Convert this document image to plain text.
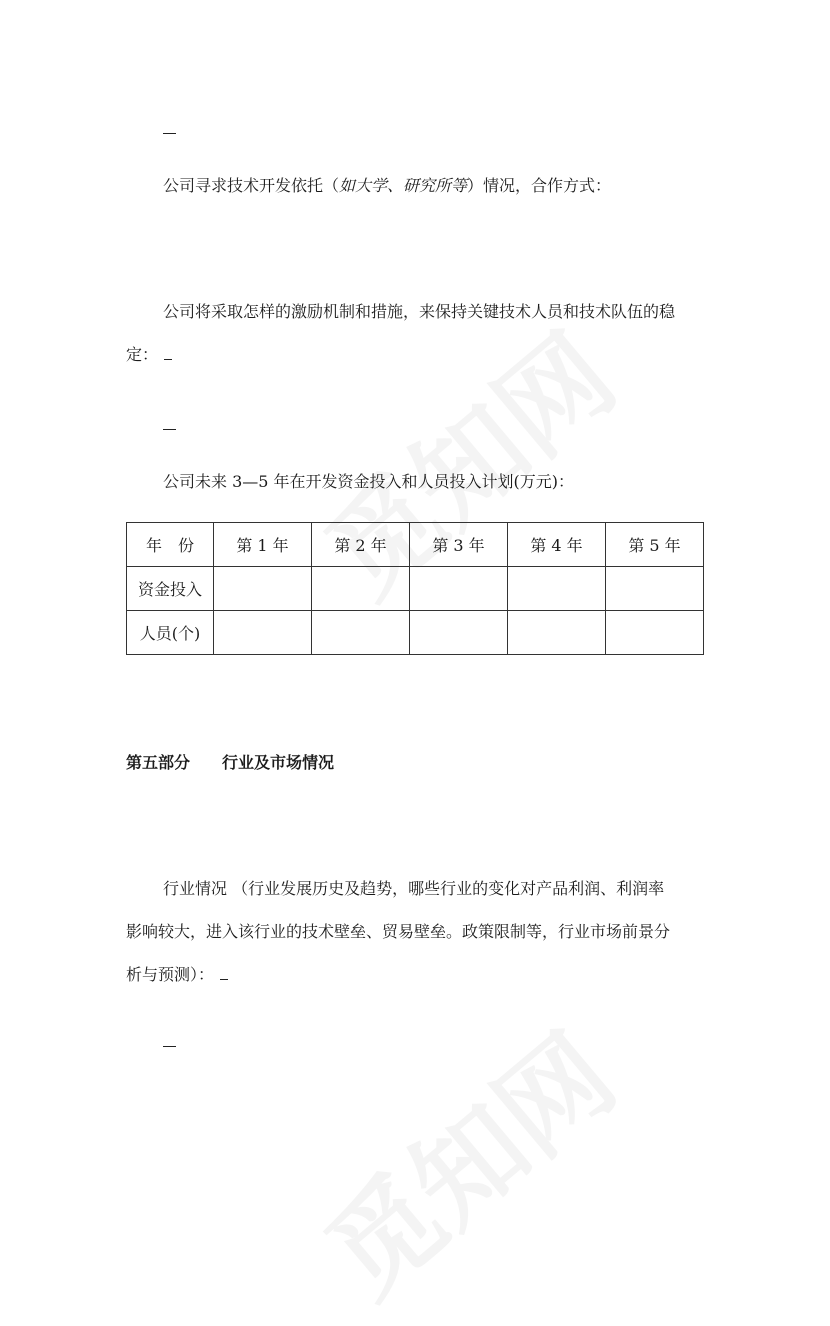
公司寻求技术开发依托（如大学、研究所等）情况，合作方式：

公司将采取怎样的激励机制和措施，来保持关键技术人员和技术队伍的稳
定：

公司未来 3—5 年在开发资金投入和人员投入计划(万元)：

年　份	第 1 年	第 2 年	第 3 年	第 4 年	第 5 年
资金投入					
人员(个)					
第五部分 行业及市场情况
行业情况 （行业发展历史及趋势，哪些行业的变化对产品利润、利润率
影响较大，进入该行业的技术壁垒、贸易壁垒。政策限制等，行业市场前景分
析与预测）：
